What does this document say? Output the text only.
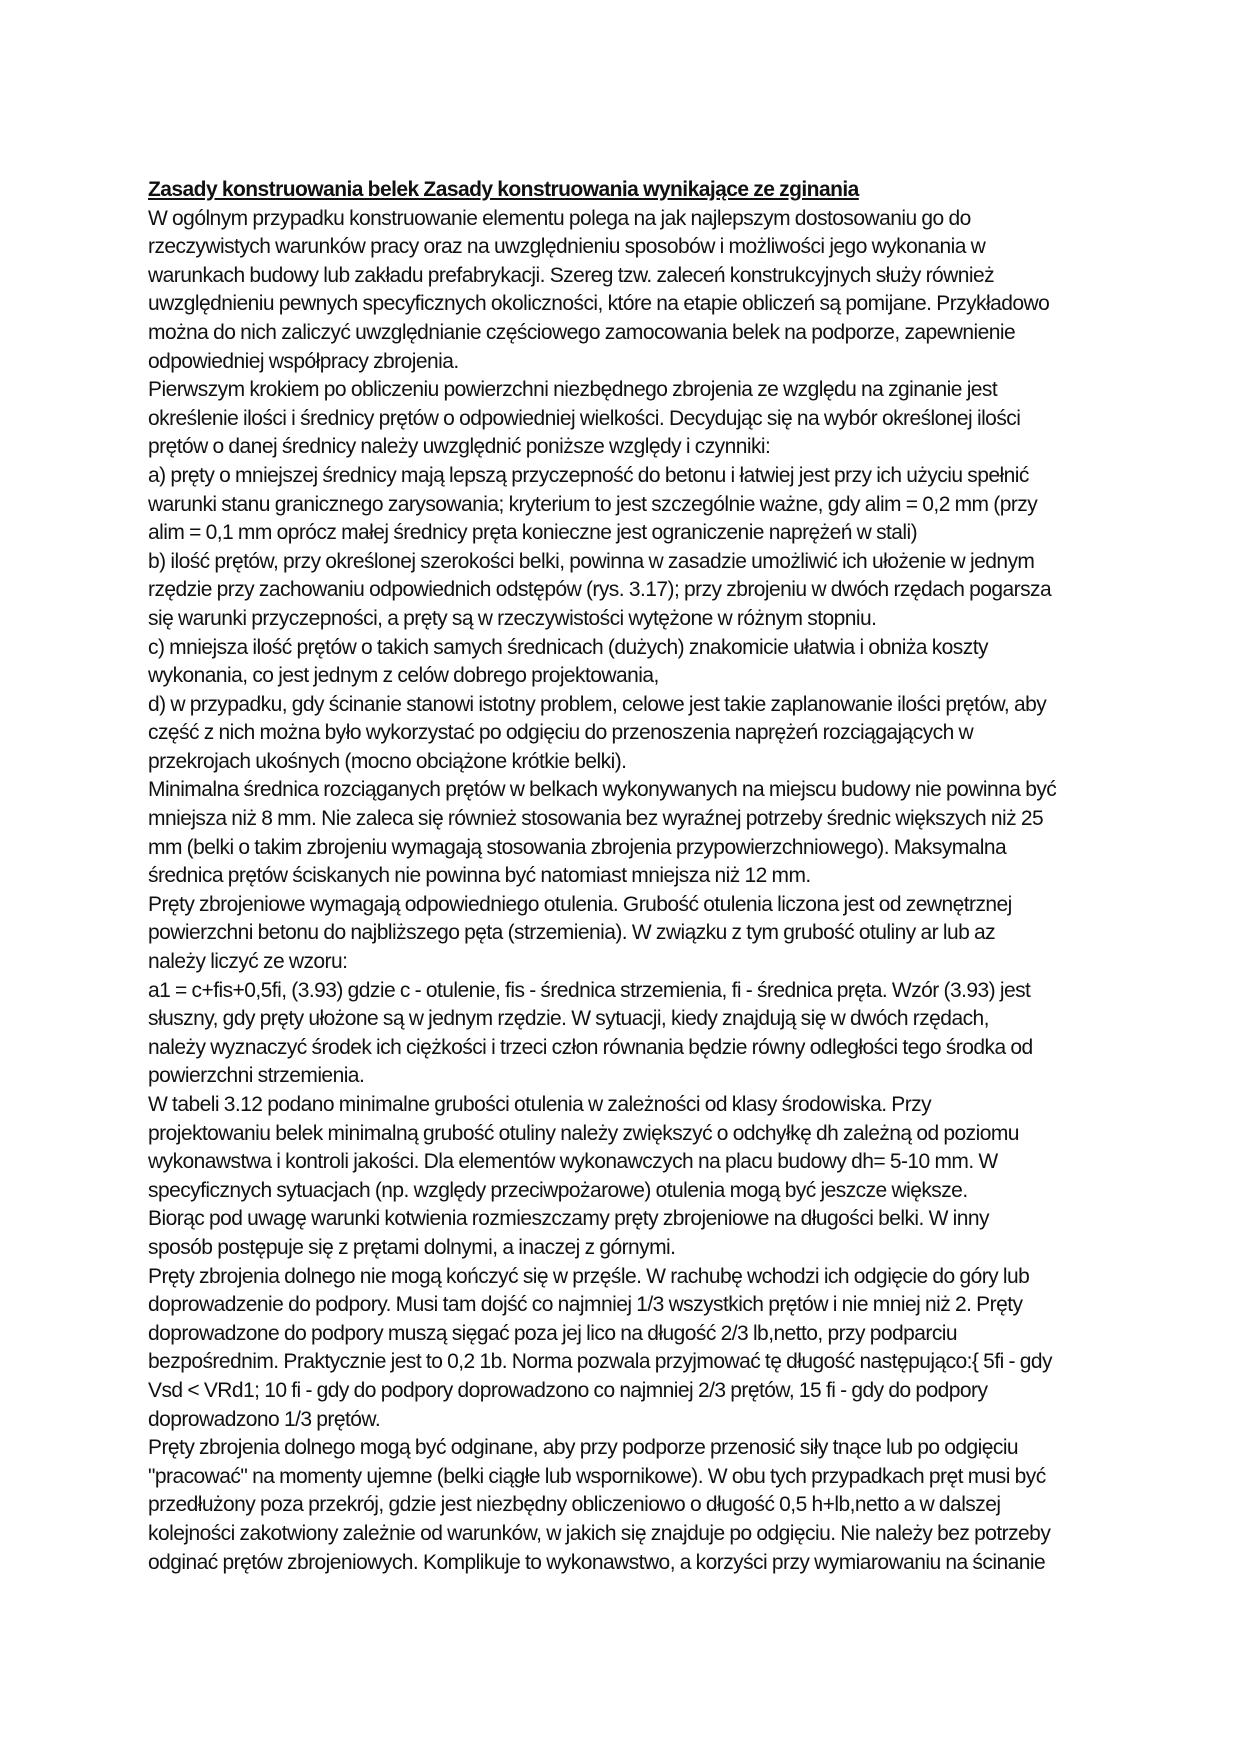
Zasady konstruowania belek Zasady konstruowania wynikające ze zginania
W ogólnym przypadku konstruowanie elementu polega na jak najlepszym dostosowaniu go do
rzeczywistych warunków pracy oraz na uwzględnieniu sposobów i możliwości jego wykonania w
warunkach budowy lub zakładu prefabrykacji. Szereg tzw. zaleceń konstrukcyjnych służy również
uwzględnieniu pewnych specyficznych okoliczności, które na etapie obliczeń są pomijane. Przykładowo
można do nich zaliczyć uwzględnianie częściowego zamocowania belek na podporze, zapewnienie
odpowiedniej współpracy zbrojenia.
Pierwszym krokiem po obliczeniu powierzchni niezbędnego zbrojenia ze względu na zginanie jest
określenie ilości i średnicy prętów o odpowiedniej wielkości. Decydując się na wybór określonej ilości
prętów o danej średnicy należy uwzględnić poniższe względy i czynniki:
a) pręty o mniejszej średnicy mają lepszą przyczepność do betonu i łatwiej jest przy ich użyciu spełnić
warunki stanu granicznego zarysowania; kryterium to jest szczególnie ważne, gdy alim = 0,2 mm (przy
alim = 0,1 mm oprócz małej średnicy pręta konieczne jest ograniczenie naprężeń w stali)
b) ilość prętów, przy określonej szerokości belki, powinna w zasadzie umożliwić ich ułożenie w jednym
rzędzie przy zachowaniu odpowiednich odstępów (rys. 3.17); przy zbrojeniu w dwóch rzędach pogarsza
się warunki przyczepności, a pręty są w rzeczywistości wytężone w różnym stopniu.
c) mniejsza ilość prętów o takich samych średnicach (dużych) znakomicie ułatwia i obniża koszty
wykonania, co jest jednym z celów dobrego projektowania,
d) w przypadku, gdy ścinanie stanowi istotny problem, celowe jest takie zaplanowanie ilości prętów, aby
część z nich można było wykorzystać po odgięciu do przenoszenia naprężeń rozciągających w
przekrojach ukośnych (mocno obciążone krótkie belki).
Minimalna średnica rozciąganych prętów w belkach wykonywanych na miejscu budowy nie powinna być
mniejsza niż 8 mm. Nie zaleca się również stosowania bez wyraźnej potrzeby średnic większych niż 25
mm (belki o takim zbrojeniu wymagają stosowania zbrojenia przypowierzchniowego). Maksymalna
średnica prętów ściskanych nie powinna być natomiast mniejsza niż 12 mm.
Pręty zbrojeniowe wymagają odpowiedniego otulenia. Grubość otulenia liczona jest od zewnętrznej
powierzchni betonu do najbliższego pęta (strzemienia). W związku z tym grubość otuliny ar lub az
należy liczyć ze wzoru:
a1 = c+fis+0,5fi, (3.93) gdzie c - otulenie, fis - średnica strzemienia, fi - średnica pręta. Wzór (3.93) jest
słuszny, gdy pręty ułożone są w jednym rzędzie. W sytuacji, kiedy znajdują się w dwóch rzędach,
należy wyznaczyć środek ich ciężkości i trzeci człon równania będzie równy odległości tego środka od
powierzchni strzemienia.
W tabeli 3.12 podano minimalne grubości otulenia w zależności od klasy środowiska. Przy
projektowaniu belek minimalną grubość otuliny należy zwiększyć o odchyłkę dh zależną od poziomu
wykonawstwa i kontroli jakości. Dla elementów wykonawczych na placu budowy dh= 5-10 mm. W
specyficznych sytuacjach (np. względy przeciwpożarowe) otulenia mogą być jeszcze większe.
Biorąc pod uwagę warunki kotwienia rozmieszczamy pręty zbrojeniowe na długości belki. W inny
sposób postępuje się z prętami dolnymi, a inaczej z górnymi.
Pręty zbrojenia dolnego nie mogą kończyć się w przęśle. W rachubę wchodzi ich odgięcie do góry lub
doprowadzenie do podpory. Musi tam dojść co najmniej 1/3 wszystkich prętów i nie mniej niż 2. Pręty
doprowadzone do podpory muszą sięgać poza jej lico na długość 2/3 lb,netto, przy podparciu
bezpośrednim. Praktycznie jest to 0,2 1b. Norma pozwala przyjmować tę długość następująco:{ 5fi - gdy
Vsd < VRd1; 10 fi - gdy do podpory doprowadzono co najmniej 2/3 prętów, 15 fi - gdy do podpory
doprowadzono 1/3 prętów.
Pręty zbrojenia dolnego mogą być odginane, aby przy podporze przenosić siły tnące lub po odgięciu
"pracować" na momenty ujemne (belki ciągłe lub wspornikowe). W obu tych przypadkach pręt musi być
przedłużony poza przekrój, gdzie jest niezbędny obliczeniowo o długość 0,5 h+lb,netto a w dalszej
kolejności zakotwiony zależnie od warunków, w jakich się znajduje po odgięciu. Nie należy bez potrzeby
odginać prętów zbrojeniowych. Komplikuje to wykonawstwo, a korzyści przy wymiarowaniu na ścinanie
